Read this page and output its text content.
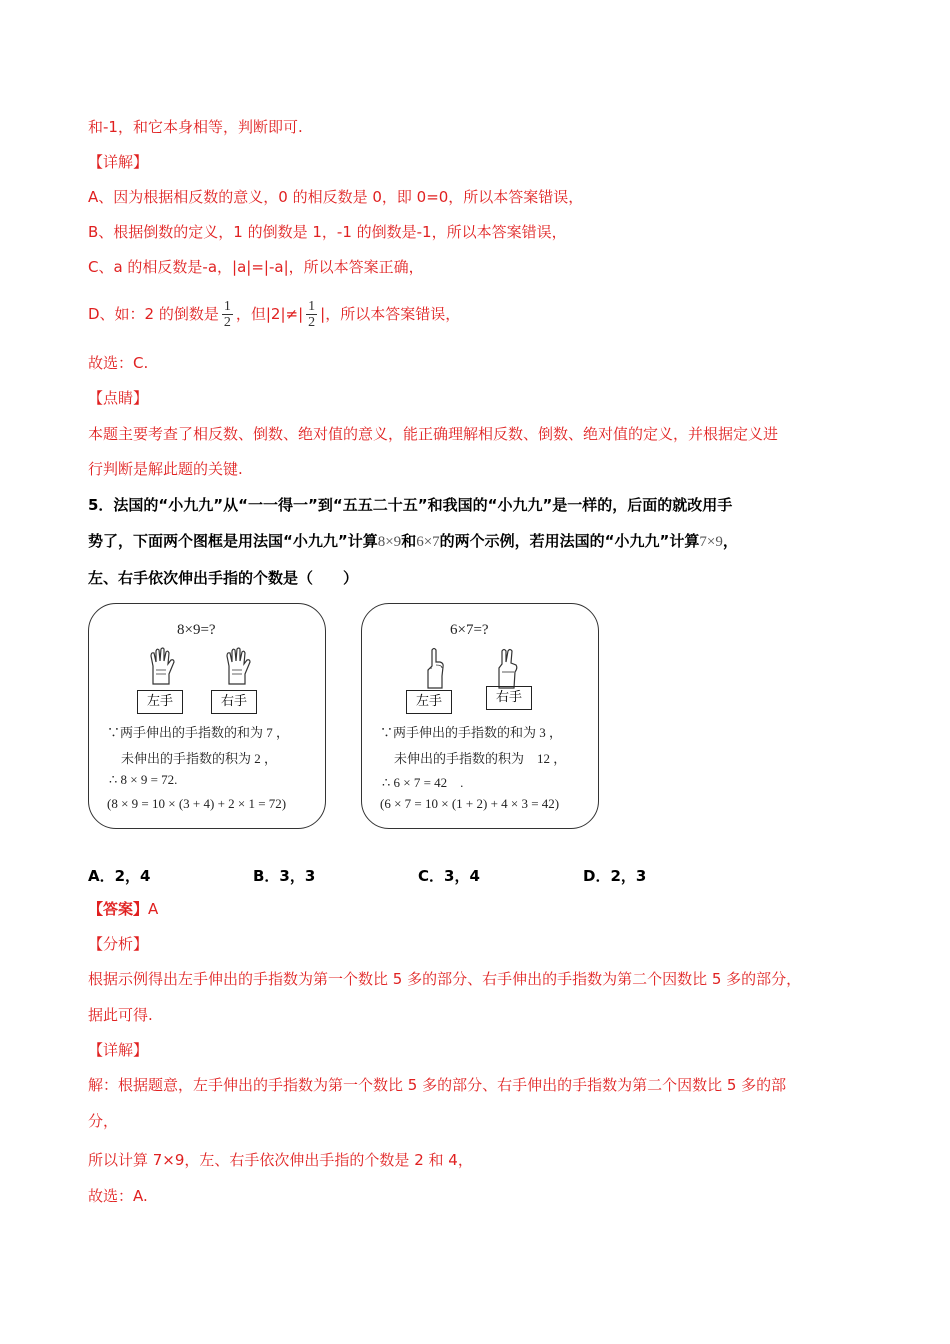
和-1，和它本身相等，判断即可.
【详解】
A、因为根据相反数的意义，0 的相反数是 0，即 0=0，所以本答案错误，
B、根据倒数的定义，1 的倒数是 1，-1 的倒数是-1，所以本答案错误，
C、a 的相反数是-a，|a|=|-a|，所以本答案正确，
D、如：2 的倒数是 $\frac{1}{2}$ ，但$|2|\ne| \frac{1}{2}$ |，所以本答案错误，
故选：C.
【点睛】
本题主要考查了相反数、倒数、绝对值的意义，能正确理解相反数、倒数、绝对值的定义，并根据定义进
行判断是解此题的关键.
5．法国的“小九九”从“一一得一”到“五五二十五”和我国的“小九九”是一样的，后面的就改用手
势了，下面两个图框是用法国“小九九”计算8×9和6×7的两个示例，若用法国的“小九九”计算7×9，
左、右手依次伸出手指的个数是（　　）
8×9=?
左手	右手
∵两手伸出的手指数的和为 7 ，
未伸出的手指数的积为 2 ，
∴ 8 × 9 = 72.
(8 × 9 = 10 × (3 + 4) + 2 × 1 = 72)
6×7=?
左手	右手
∵两手伸出的手指数的和为 3 ，
未伸出的手指数的积为　12 ，
∴ 6 × 7 = 42　.
(6 × 7 = 10 × (1 + 2) + 4 × 3 = 42)
A．2，4	B．3，3	C．3，4	D．2，3
【答案】A
【分析】
根据示例得出左手伸出的手指数为第一个数比 5 多的部分、右手伸出的手指数为第二个因数比 5 多的部分，
据此可得.
【详解】
解：根据题意，左手伸出的手指数为第一个数比 5 多的部分、右手伸出的手指数为第二个因数比 5 多的部
分，
所以计算 7×9，左、右手依次伸出手指的个数是 2 和 4，
故选：A.
